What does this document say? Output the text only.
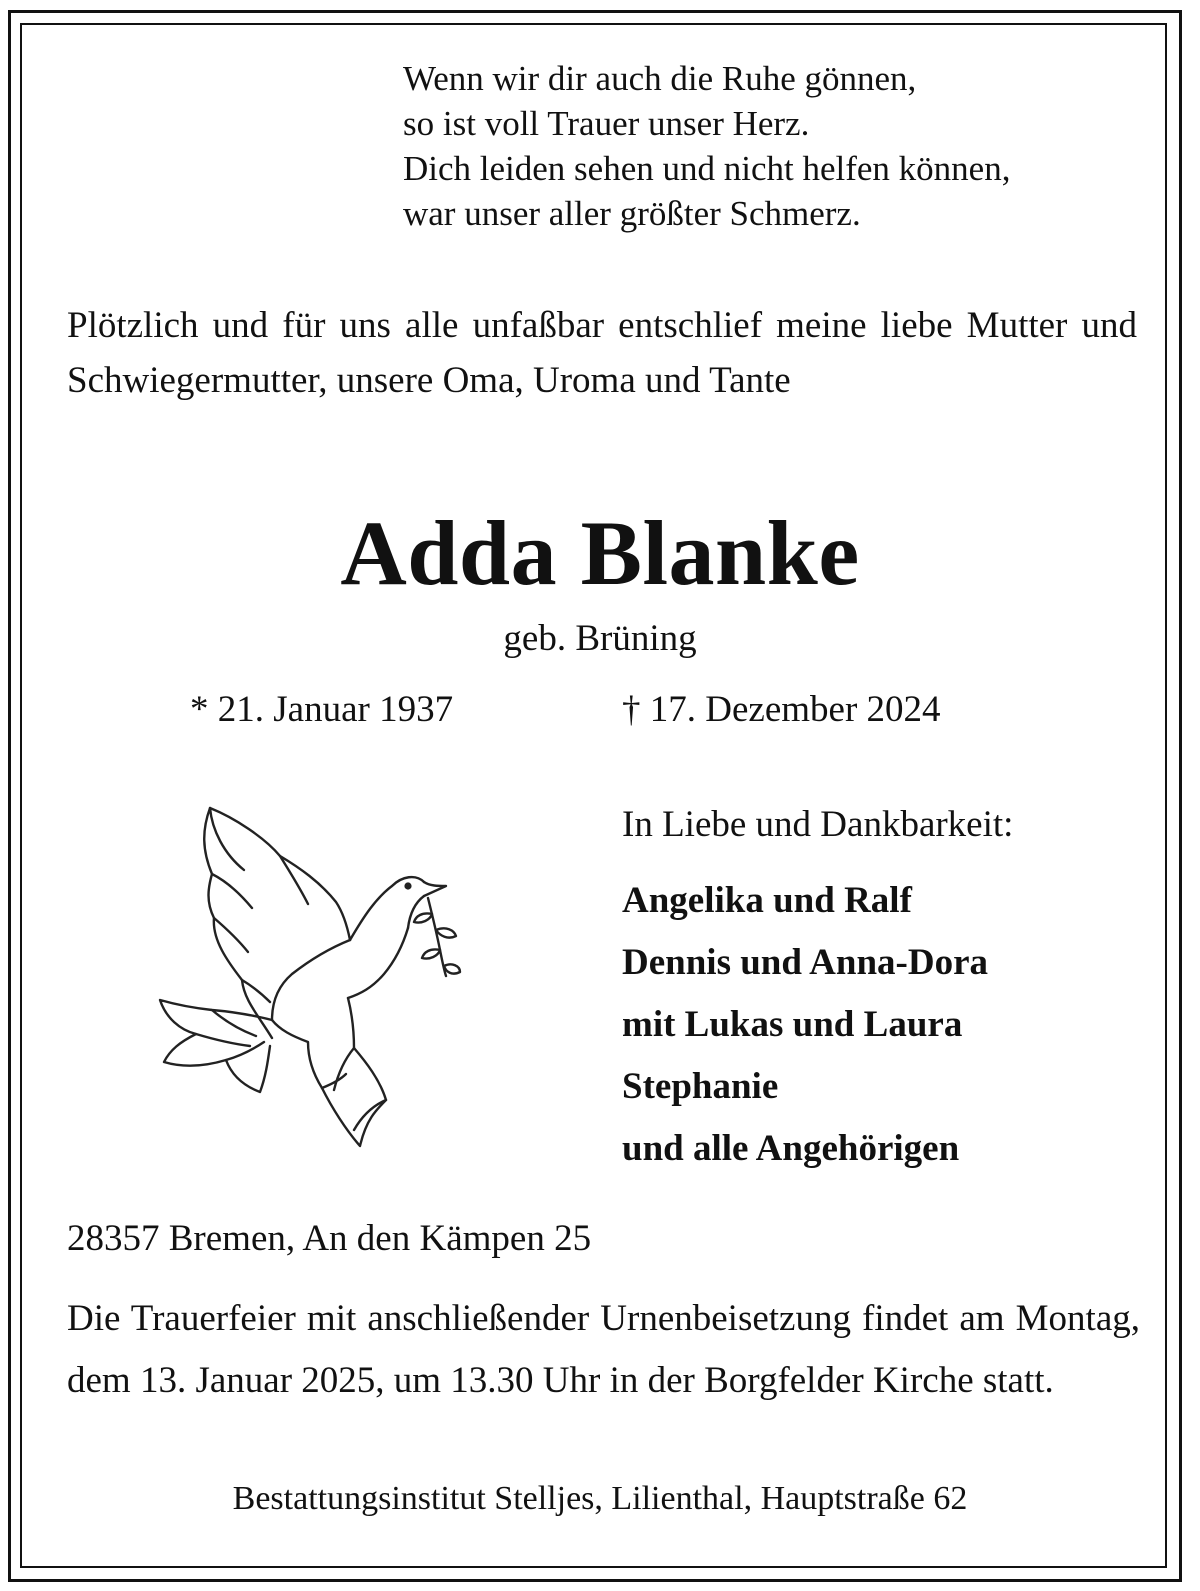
Wenn wir dir auch die Ruhe gönnen,
so ist voll Trauer unser Herz.
Dich leiden sehen und nicht helfen können,
war unser aller größter Schmerz.
Plötzlich und für uns alle unfaßbar entschlief meine liebe Mutter und Schwiegermutter, unsere Oma, Uroma und Tante
Adda Blanke
geb. Brüning
* 21. Januar 1937	† 17. Dezember 2024
In Liebe und Dankbarkeit:
Angelika und Ralf
Dennis und Anna-Dora
mit Lukas und Laura
Stephanie
und alle Angehörigen
28357 Bremen, An den Kämpen 25
Die Trauerfeier mit anschließender Urnenbeisetzung findet am Montag, dem 13. Januar 2025, um 13.30 Uhr in der Borgfelder Kirche statt.
Bestattungsinstitut Stelljes, Lilienthal, Hauptstraße 62
